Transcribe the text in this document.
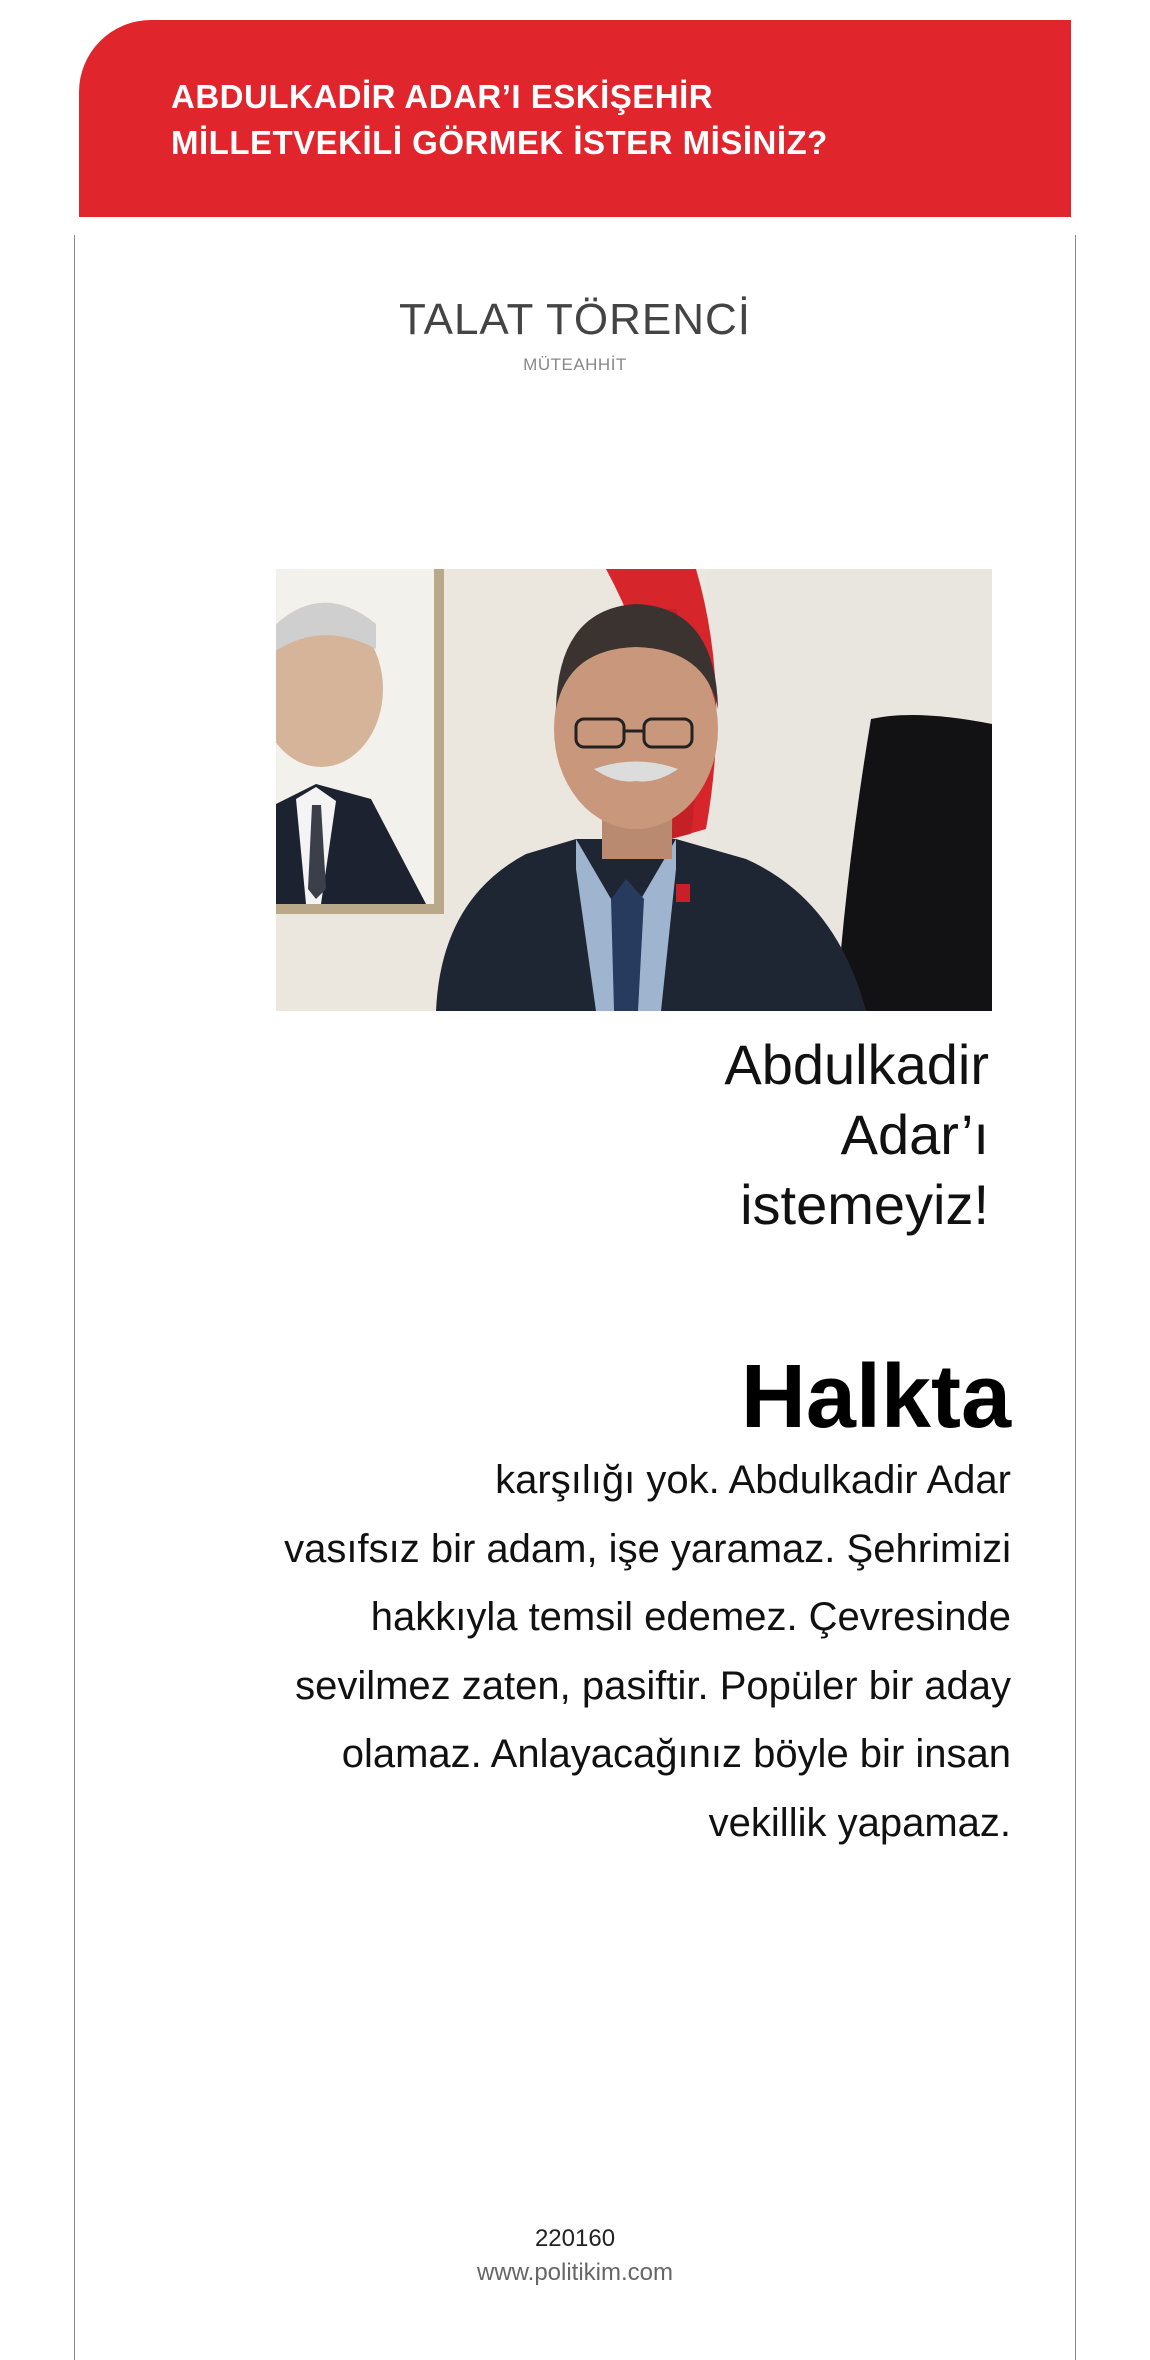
ABDULKADİR ADAR’I ESKİŞEHİR
MİLLETVEKİLİ GÖRMEK İSTER MİSİNİZ?
TALAT TÖRENCİ
MÜTEAHHİT
Abdulkadir
Adar’ı
istemeyiz!
Halkta
karşılığı yok. Abdulkadir Adar
vasıfsız bir adam, işe yaramaz. Şehrimizi
hakkıyla temsil edemez. Çevresinde
sevilmez zaten, pasiftir. Popüler bir aday
olamaz. Anlayacağınız böyle bir insan
vekillik yapamaz.
220160
www.politikim.com
